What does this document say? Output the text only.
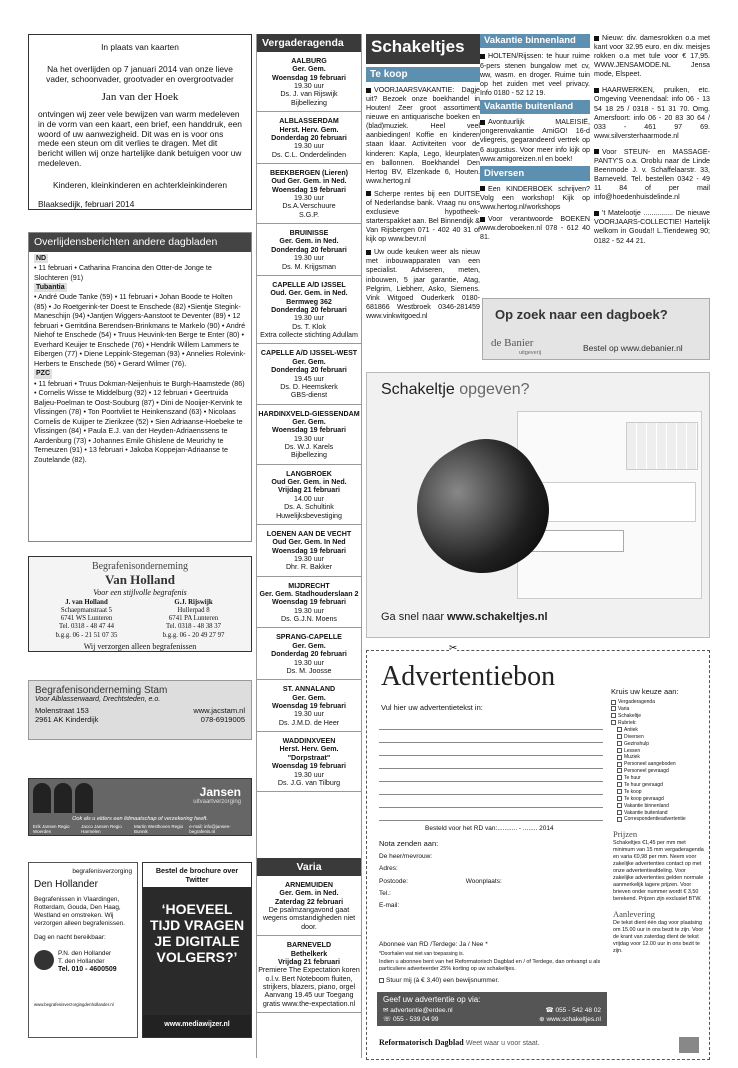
In plaats van kaarten

Na het overlijden op 7 januari 2014 van onze lieve vader, schoonvader, grootvader en overgrootvader

Jan van der Hoek

ontvingen wij zeer vele bewijzen van warm medeleven in de vorm van een kaart, een brief, een handdruk, een woord of uw aanwezigheid. Dit was en is voor ons mede een steun om dit verlies te dragen. Met dit bericht willen wij onze hartelijke dank betuigen voor uw medeleven.

Kinderen, kleinkinderen en achterkleinkinderen

Blaaksedijk, februari 2014

Overlijdensberichten andere dagbladen
ND
• 11 februari • Catharina Francina den Otter-de Jonge te Slochteren (91)
Tubantia
• André Oude Tanke (59) • 11 februari • Johan Boode te Holten (85) • Jo Roetgerink-ter Doest te Enschede (82) •Sientje Stegink-Maneschijn (94) •Jantjen Wiggers-Aanstoot te Deventer (89) • 12 februari • Gerritdina Berendsen-Brinkmans te Markelo (90) • André Niehof te Enschede (54) • Truus Heuvink-ten Berge te Enter (80) • Everhard Keuijer te Enschede (76) • Hendrik Willem Lammers te Eibergen (77) • Diene Leppink-Stegeman (93) • Annelies Rolevink-Herbers te Enschede (56) • Gerard Wilmer (76).
PZC
• 11 februari • Truus Dokman-Neijenhuis te Burgh-Haamstede (86) • Cornelis Wisse te Middelburg (92) • 12 februari • Geertruida Baljeu-Poelman te Oost-Souburg (87) • Dini de Nooijer-Kervink te Vlissingen (78) • Ton Poortvliet te Heinkenszand (63) • Nicolaas Cornelis de Kuijper te Zierikzee (52) • Sien Adriaanse-Hoebeke te Vlissingen (84) • Paula E.J. van der Heyden-Adriaenssens te Aardenburg (73) • Johannes Emile Ghislene de Meurichy te Terneuzen (91) • 13 februari • Jakoba Koppejan-Adriaanse te Zoutelande (82).
Begrafenisonderneming
Van Holland
Voor een stijlvolle begrafenis
J. van Holland
Schaepmanstraat 5
6741 WS Lunteren
Tel. 0318 - 48 47 44
b.g.g. 06 - 21 51 07 35
G.J. Rijswijk
Hullerpad 8
6741 PA Lunteren
Tel. 0318 - 48 38 37
b.g.g. 06 - 20 49 27 97
Wij verzorgen alleen begrafenissen
Begrafenisonderneming Stam
Voor Alblasserwaard, Drechtsteden, e.o.
Molenstraat 153	www.jacstam.nl
2961 AK Kinderdijk	078-6919005
Jansen
uitvaartverzorging
Ook als u elders een lidmaatschap of verzekering heeft.
Erik Jansen Regio Woerden
Jacco Jansen Regio Harmelen
Martin Westhoven Regio Bunnik
e-mail: info@jansen-begrafenis.nl
begrafenisverzorging
Den Hollander
Begrafenissen in Vlaardingen, Rotterdam, Gouda, Den Haag, Westland en omstreken. Wij verzorgen alleen begrafenissen.
Dag en nacht bereikbaar:
P.N. den Hollander
T. den Hollander
Tel. 010 - 4600509
www.begrafenisverzorgingdenhollander.nl
Bestel de brochure over Twitter
‘HOEVEEL TIJD VRAGEN JE DIGITALE VOLGERS?’
www.mediawijzer.nl
Vergaderagenda
AALBURG
Ger. Gem.
Woensdag 19 februari
19.30 uur
Ds. J. van Rijswijk
Bijbellezing
ALBLASSERDAM
Herst. Herv. Gem.
Donderdag 20 februari
19.30 uur
Ds. C.L. Onderdelinden
BEEKBERGEN (Lieren)
Oud Ger. Gem. in Ned.
Woensdag 19 februari
19.30 uur
Ds.A.Verschuure
S.G.P.
BRUINISSE
Ger. Gem. in Ned.
Donderdag 20 februari
19.30 uur
Ds. M. Krijgsman
CAPELLE A/D IJSSEL
Oud. Ger. Gem. in Ned. Bermweg 362
Donderdag 20 februari
19.30 uur
Ds. T. Klok
Extra collecte stichting Adullam
CAPELLE A/D IJSSEL-WEST
Ger. Gem.
Donderdag 20 februari
19.45 uur
Ds. D. Heemskerk
GBS-dienst
HARDINXVELD-GIESSENDAM
Ger. Gem.
Woensdag 19 februari
19.30 uur
Ds. W.J. Karels
Bijbellezing
LANGBROEK
Oud Ger. Gem. in Ned.
Vrijdag 21 februari
14.00 uur
Ds. A. Schultink
Huwelijksbevestiging
LOENEN AAN DE VECHT
Oud Ger. Gem. In Ned
Woensdag 19 februari
19.30 uur
Dhr. R. Bakker
MIJDRECHT
Ger. Gem. Stadhouderslaan 2
Woensdag 19 februari
19.30 uur
Ds. G.J.N. Moens
SPRANG-CAPELLE
Ger. Gem.
Donderdag 20 februari
19.30 uur
Ds. M. Joosse
ST. ANNALAND
Ger. Gem.
Woensdag 19 februari
19.30 uur
Ds. J.M.D. de Heer
WADDINXVEEN
Herst. Herv. Gem. "Dorpstraat"
Woensdag 19 februari
19.30 uur
Ds. J.G. van Tilburg
Varia
ARNEMUIDEN
Ger. Gem. in Ned.
Zaterdag 22 februari
De psalmzangavond gaat wegens omstandigheden niet door.
BARNEVELD
Bethelkerk
Vrijdag 21 februari
Premiere The Expectation koren o.l.v. Bert Noteboom fluiten, strijkers, blazers, piano, orgel Aanvang 19.45 uur Toegang gratis www.the-expectation.nl
Schakeltjes
Te koop
VOORJAARSVAKANTIE: Dagje uit? Bezoek onze boekhandel in Houten! Zeer groot assortiment nieuwe en antiquarische boeken en (blad)muziek. Heel veel aanbiedingen! Koffie en kinderen staan klaar. Activiteiten voor de kinderen: Kapla, Lego, kleurplaten en ballonnen. Boekhandel Den Hertog BV, Elzenkade 6, Houten. www.hertog.nl
Scherpe rentes bij een DUITSE of Nederlandse bank. Vraag nu ons exclusieve hypotheek-starterspakket aan. Bel Binnendijk & Van Rijsbergen 071 - 402 40 31 of kijk op www.bevr.nl
Uw oude keuken weer als nieuw met inbouwapparaten van een specialist. Adviseren, meten, inbouwen, 5 jaar garantie, Atag, Pelgrim, Liebherr, Asko, Siemens. Vink Witgoed Ouderkerk 0180-681866 Westbroek 0346-281459 www.vinkwitgoed.nl
Vakantie binnenland
HOLTEN/Rijssen: te huur ruime 6-pers stenen bungalow met cv, ww, wasm. en droger. Ruime tuin op het zuiden met veel privacy. Info 0180 - 52 12 19.
Vakantie buitenland
Avontuurlijk MALEISIË, jongerenvakantie AmiGO! 16-d vliegreis, gegarandeerd vertrek op 6 augustus. Voor meer info kijk op www.amigoreizen.nl en boek!
Diversen
Een KINDERBOEK schrijven? Volg een workshop! Kijk op www.hertog.nl/workshops
Voor verantwoorde BOEKEN www.deroboeken.nl 078 - 612 40 81.
Nieuw: div. damesrokken o.a met kant voor 32.95 euro. en div. meisjes rokken o.a met tule voor € 17,95. WWW.JENSAMODE.NL Jensa mode, Elspeet.
HAARWERKEN, pruiken, etc. Omgeving Veenendaal: info 06 - 13 54 18 25 / 0318 - 51 31 70. Omg. Amersfoort: info 06 - 20 83 30 64 / 033 - 461 97 69. www.silversterhaarmode.nl
Voor STEUN- en MASSAGE-PANTY'S o.a. Oroblu naar de Linde Beenmode J. v. Schaffelaarstr. 33, Barneveld. Tel. bestellen 0342 - 49 11 84 of per mail info@hoedenhuisdelinde.nl
't Matelootje ............... De nieuwe VOORJAARS-COLLECTIE! Hartelijk welkom in Gouda!! L.Tiendeweg 90; 0182 - 52 44 21.
Op zoek naar een dagboek?
de Banier
uitgeverij	Bestel op www.debanier.nl
Schakeltje opgeven?
Ga snel naar www.schakeltjes.nl
✂
Advertentiebon
Vul hier uw advertentietekst in:
Kruis uw keuze aan:
Vergaderagenda
Varia
Schakeltje
Rubriek:
Antiek
Diversen
Gezinshulp
Lessen
Muziek
Personeel aangeboden
Personeel gevraagd
Te huur
Te huur gevraagd
Te koop
Te koop gevraagd
Vakantie binnenland
Vakantie buitenland
Correspondentieadvertentie
Besteld voor het RD van:........... - ........ 2014
Nota zenden aan:
De heer/mevrouw:
Adres:
Postcode:	Woonplaats:
Tel.:
E-mail:
Abonnee van RD /Terdege: Ja / Nee *
*Doorhalen wat niet van toepassing is.
Indien u abonnee bent van het Reformatorisch Dagblad en / of Terdege, dan ontvangt u als particuliere adverteerder 25% korting op uw schakeltjes.
Stuur mij (à € 3,40) een bewijsnummer.
Geef uw advertentie op via:
✉ advertentie@erdee.nl	☎ 055 - 542 48 02
☏ 055 - 539 04 99	⊕ www.schakeltjes.nl
Reformatorisch Dagblad Weet waar u voor staat.
Prijzen
Schakeltjes €1,45 per mm met minimum van 15 mm vergaderagenda en varia €0,98 per mm. Neem voor zakelijke advertenties contact op met onze advertentieafdeling. Voor zakelijke advertenties gelden normale aanmerkelijk lagere prijzen. Voor brieven onder nummer wordt € 3,50 berekend. Prijzen zijn exclusief BTW.
Aanlevering
De tekst dient één dag voor plaatsing om 15.00 uur in ons bezit te zijn. Voor de krant van zaterdag dient de tekst vrijdag voor 12.00 uur in ons bezit te zijn.
